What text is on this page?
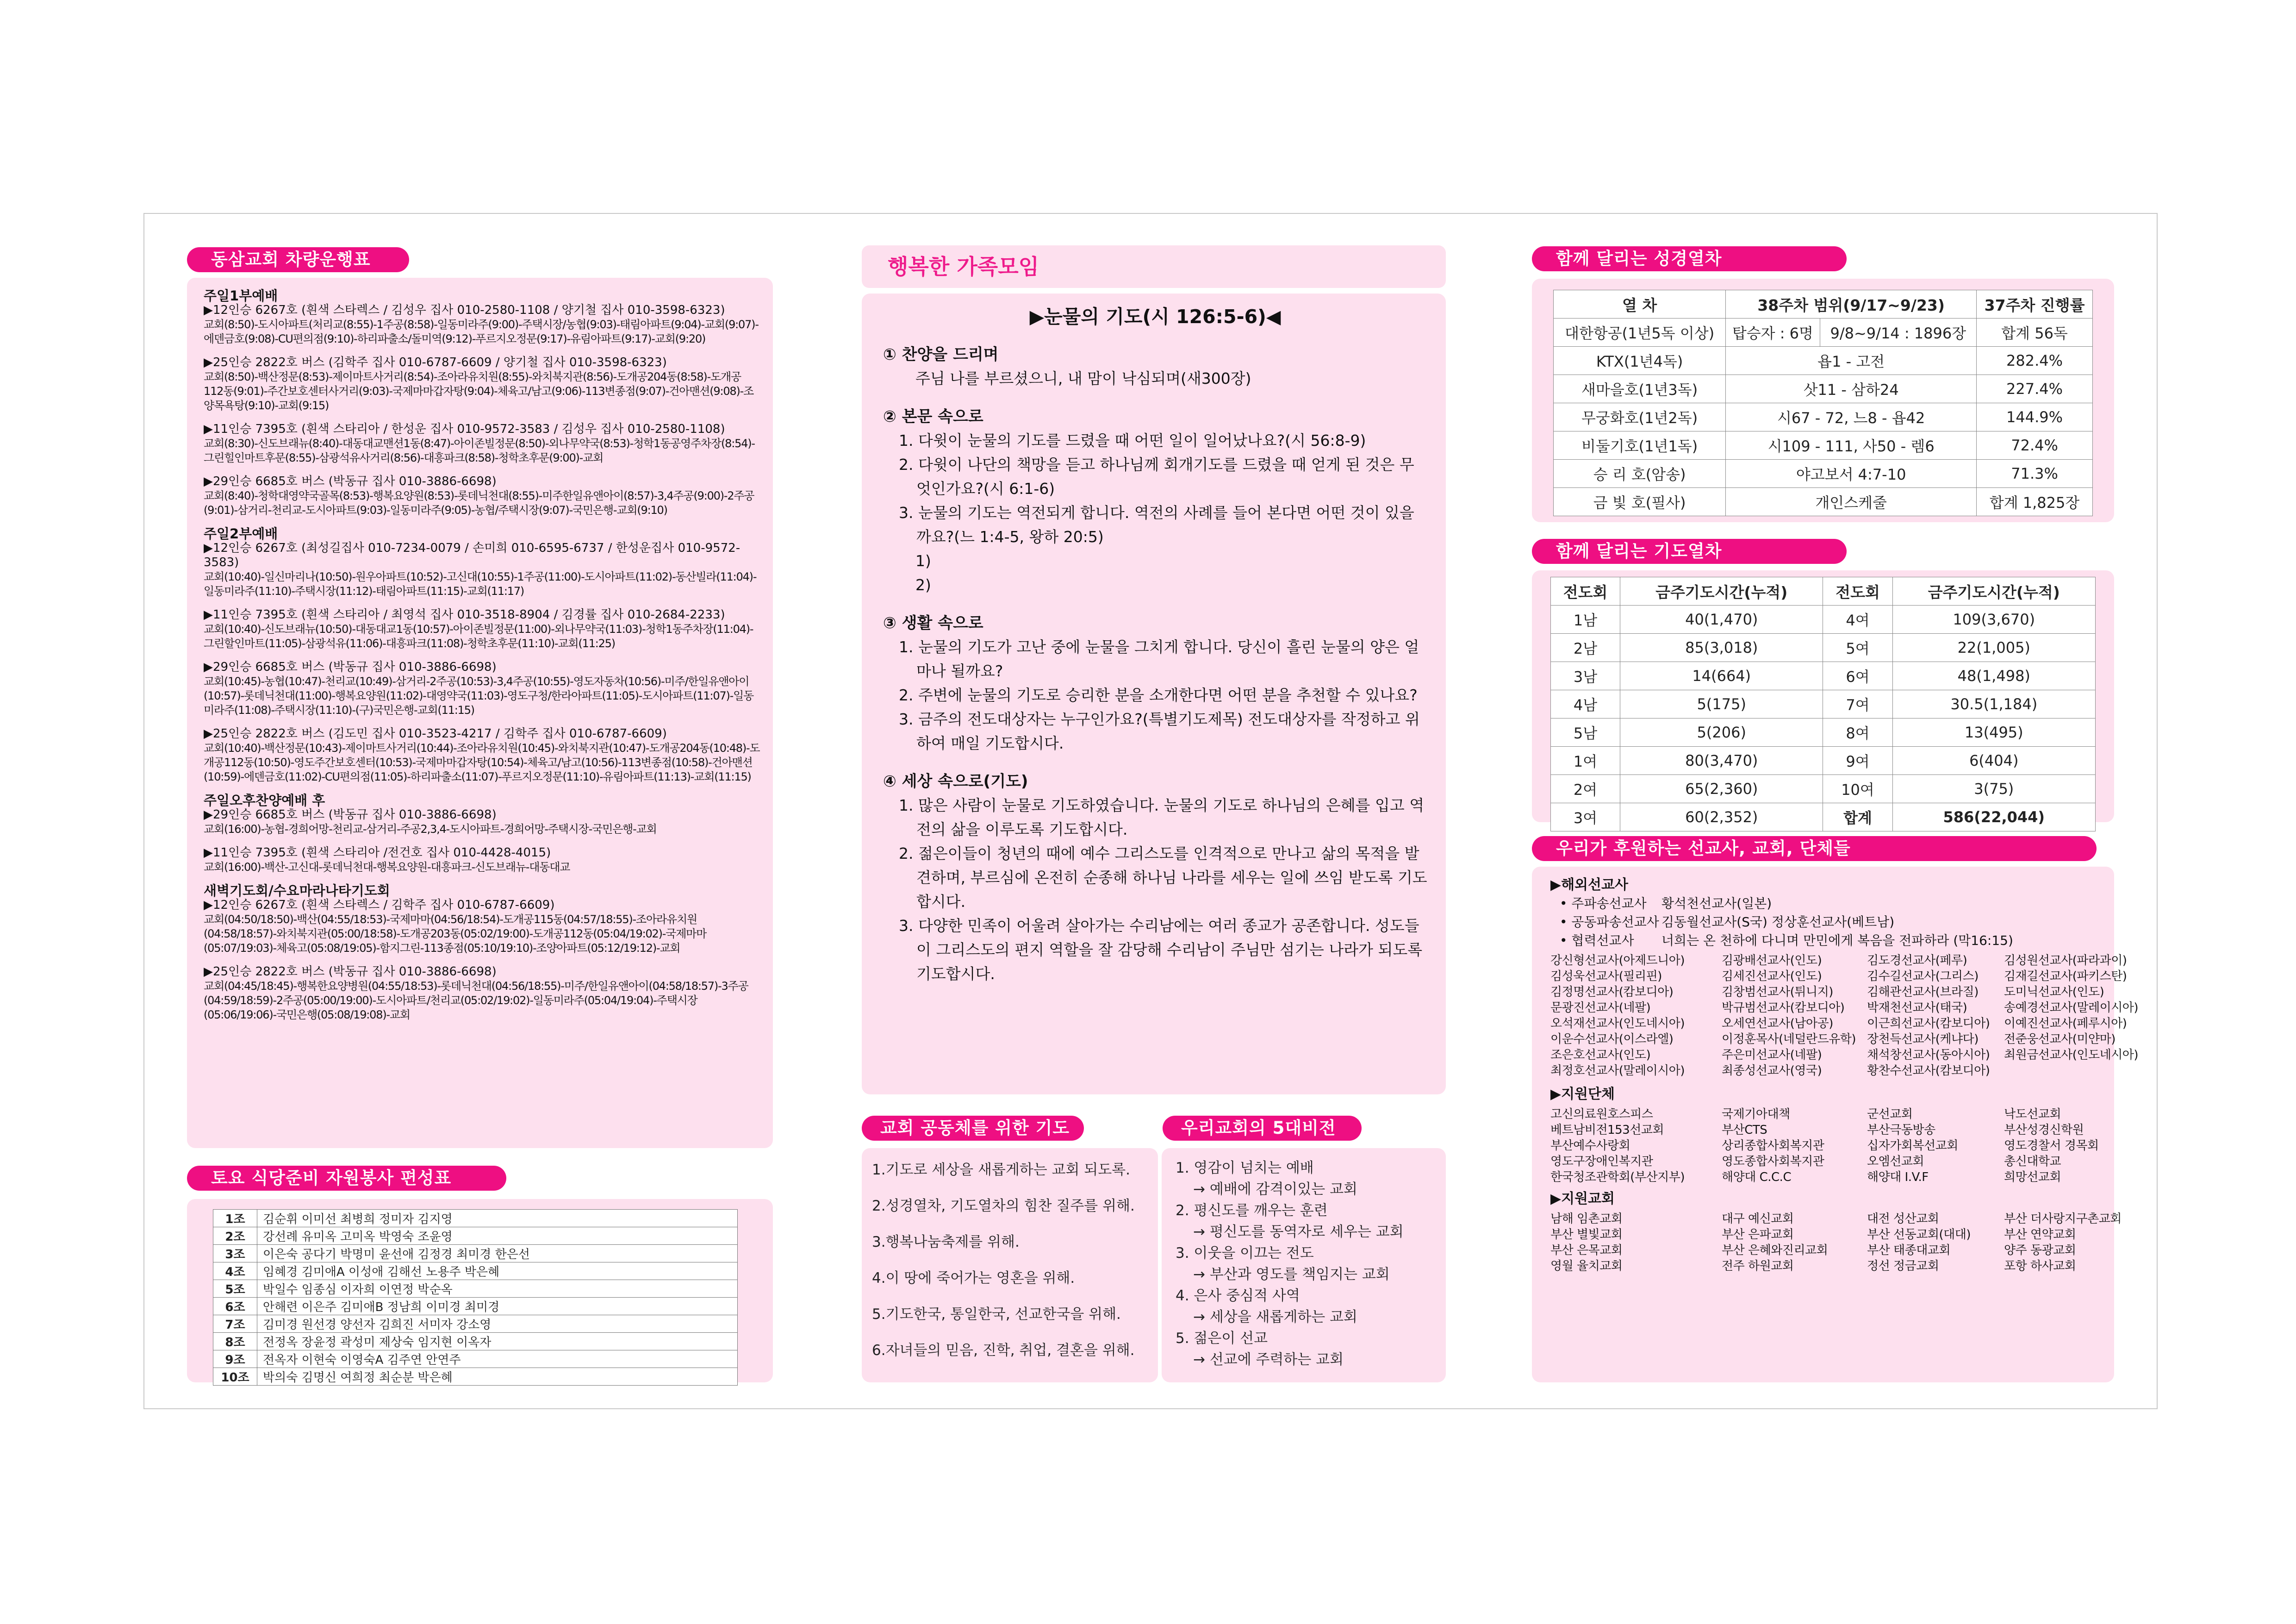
동삼교회 차량운행표
주일1부예배
▶12인승 6267호 (흰색 스타렉스 / 김성우 집사 010-2580-1108 / 양기철 집사 010-3598-6323)
교회(8:50)-도시아파트(처리교(8:55)-1주공(8:58)-일동미라주(9:00)-주택시장/농협(9:03)-태림아파트(9:04)-교회(9:07)-에덴금호(9:08)-CU편의점(9:10)-하리파출소/돌미역(9:12)-푸르지오정문(9:17)-유림아파트(9:17)-교회(9:20)
▶25인승 2822호 버스 (김학주 집사 010-6787-6609 / 양기철 집사 010-3598-6323)
교회(8:50)-백산정문(8:53)-제이마트사거리(8:54)-조아라유치원(8:55)-와치북지관(8:56)-도개공204동(8:58)-도개공112동(9:01)-주간보호센터사거리(9:03)-국제마마갑자탕(9:04)-체육고/남고(9:06)-113변종점(9:07)-건아맨션(9:08)-조양목욕탕(9:10)-교회(9:15)
▶11인승 7395호 (흰색 스타리아 / 한성운 집사 010-9572-3583 / 김성우 집사 010-2580-1108)
교회(8:30)-신도브래뉴(8:40)-대동대교맨션1동(8:47)-아이존빌정문(8:50)-외나무약국(8:53)-청학1동공영주차장(8:54)-그린힐인마트후문(8:55)-삼광석유사거리(8:56)-대흥파크(8:58)-청학초후문(9:00)-교회
▶29인승 6685호 버스 (박동규 집사 010-3886-6698)
교회(8:40)-청학대영약국골목(8:53)-행복요양원(8:53)-롯데닉천대(8:55)-미주한일유앤아이(8:57)-3,4주공(9:00)-2주공(9:01)-삼거리-천리교-도시아파트(9:03)-일동미라주(9:05)-농협/주택시장(9:07)-국민은행-교회(9:10)
주일2부예배
▶12인승 6267호 (최성길집사 010-7234-0079 / 손미희 010-6595-6737 / 한성운집사 010-9572-3583)
교회(10:40)-일신마리나(10:50)-원우아파트(10:52)-고신대(10:55)-1주공(11:00)-도시아파트(11:02)-동산빌라(11:04)-일동미라주(11:10)-주택시장(11:12)-태림아파트(11:15)-교회(11:17)
▶11인승 7395호 (흰색 스타리아 / 최영석 집사 010-3518-8904 / 김경률 집사 010-2684-2233)
교회(10:40)-신도브래뉴(10:50)-대동대교1동(10:57)-아이존빌정문(11:00)-외나무약국(11:03)-청학1동주차장(11:04)-그린할인마트(11:05)-삼광석유(11:06)-대흥파크(11:08)-청학초후문(11:10)-교회(11:25)
▶29인승 6685호 버스 (박동규 집사 010-3886-6698)
교회(10:45)-농협(10:47)-천리교(10:49)-삼거리-2주공(10:53)-3,4주공(10:55)-영도자동차(10:56)-미주/한일유앤아이(10:57)-롯데닉천대(11:00)-행복요양원(11:02)-대영약국(11:03)-영도구청/한라아파트(11:05)-도시아파트(11:07)-일동미라주(11:08)-주택시장(11:10)-(구)국민은행-교회(11:15)
▶25인승 2822호 버스 (김도민 집사 010-3523-4217 / 김학주 집사 010-6787-6609)
교회(10:40)-백산정문(10:43)-제이마트사거리(10:44)-조아라유치원(10:45)-와치북지관(10:47)-도개공204동(10:48)-도개공112동(10:50)-영도주간보호센터(10:53)-국제마마갑자탕(10:54)-체육고/남고(10:56)-113변종점(10:58)-건아맨션(10:59)-에덴금호(11:02)-CU편의점(11:05)-하리파출소(11:07)-푸르지오정문(11:10)-유림아파트(11:13)-교회(11:15)
주일오후찬양예배 후
▶29인승 6685호 버스 (박동규 집사 010-3886-6698)
교회(16:00)-농협-경희어망-천리교-삼거리-주공2,3,4-도시아파트-경희어망-주택시장-국민은행-교회
▶11인승 7395호 (흰색 스타리아 /전건호 집사 010-4428-4015)
교회(16:00)-백산-고신대-롯데닉천대-행복요양원-대흥파크-신도브래뉴-대동대교
새벽기도회/수요마라나타기도회
▶12인승 6267호 (흰색 스타렉스 / 김학주 집사 010-6787-6609)
교회(04:50/18:50)-백산(04:55/18:53)-국제마마(04:56/18:54)-도개공115동(04:57/18:55)-조아라유치원(04:58/18:57)-와치북지관(05:00/18:58)-도개공203동(05:02/19:00)-도개공112동(05:04/19:02)-국제마마(05:07/19:03)-체육고(05:08/19:05)-함지그린-113종점(05:10/19:10)-조양아파트(05:12/19:12)-교회
▶25인승 2822호 버스 (박동규 집사 010-3886-6698)
교회(04:45/18:45)-행복한요양병원(04:55/18:53)-롯데닉천대(04:56/18:55)-미주/한일유앤아이(04:58/18:57)-3주공(04:59/18:59)-2주공(05:00/19:00)-도시아파트/천리교(05:02/19:02)-일동미라주(05:04/19:04)-주택시장(05:06/19:06)-국민은행(05:08/19:08)-교회
토요 식당준비 자원봉사 편성표
1조	김순휘 이미선 최병희 정미자 김지영
2조	강선례 유미옥 고미옥 박영숙 조윤영
3조	이은숙 공다기 박명미 윤선애 김정경 최미경 한은선
4조	임혜경 김미애A 이성애 김해선 노용주 박은혜
5조	박일수 임종심 이자희 이연정 박순옥
6조	안해련 이은주 김미애B 정남희 이미경 최미경
7조	김미경 원선경 양선자 김희진 서미자 강소영
8조	전정옥 장윤정 곽성미 제상숙 임지현 이옥자
9조	전옥자 이현숙 이영숙A 김주연 안연주
10조	박의숙 김명신 여희정 최순분 박은혜
행복한 가족모임
▶눈물의 기도(시 126:5-6)◀
① 찬양을 드리며
주님 나를 부르셨으니, 내 맘이 낙심되며(새300장)
② 본문 속으로
1. 다윗이 눈물의 기도를 드렸을 때 어떤 일이 일어났나요?(시 56:8-9)
2. 다윗이 나단의 책망을 듣고 하나님께 회개기도를 드렸을 때 얻게 된 것은 무엇인가요?(시 6:1-6)
3. 눈물의 기도는 역전되게 합니다. 역전의 사례를 들어 본다면 어떤 것이 있을까요?(느 1:4-5, 왕하 20:5)
1)
2)
③ 생활 속으로
1. 눈물의 기도가 고난 중에 눈물을 그치게 합니다. 당신이 흘린 눈물의 양은 얼마나 될까요?
2. 주변에 눈물의 기도로 승리한 분을 소개한다면 어떤 분을 추천할 수 있나요?
3. 금주의 전도대상자는 누구인가요?(특별기도제목) 전도대상자를 작정하고 위하여 매일 기도합시다.
④ 세상 속으로(기도)
1. 많은 사람이 눈물로 기도하였습니다. 눈물의 기도로 하나님의 은혜를 입고 역전의 삶을 이루도록 기도합시다.
2. 젊은이들이 청년의 때에 예수 그리스도를 인격적으로 만나고 삶의 목적을 발견하며, 부르심에 온전히 순종해 하나님 나라를 세우는 일에 쓰임 받도록 기도합시다.
3. 다양한 민족이 어울려 살아가는 수리남에는 여러 종교가 공존합니다. 성도들이 그리스도의 편지 역할을 잘 감당해 수리남이 주님만 섬기는 나라가 되도록 기도합시다.
교회 공동체를 위한 기도
1.기도로 세상을 새롭게하는 교회 되도록.
2.성경열차, 기도열차의 힘찬 질주를 위해.
3.행복나눔축제를 위해.
4.이 땅에 죽어가는 영혼을 위해.
5.기도한국, 통일한국, 선교한국을 위해.
6.자녀들의 믿음, 진학, 취업, 결혼을 위해.
우리교회의 5대비전
1. 영감이 넘치는 예배
→ 예배에 감격이있는 교회
2. 평신도를 깨우는 훈련
→ 평신도를 동역자로 세우는 교회
3. 이웃을 이끄는 전도
→ 부산과 영도를 책임지는 교회
4. 은사 중심적 사역
→ 세상을 새롭게하는 교회
5. 젊은이 선교
→ 선교에 주력하는 교회
함께 달리는 성경열차
열 차	38주차 범위(9/17~9/23)		37주차 진행률
대한항공(1년5독 이상)	탑승자 : 6명	9/8~9/14 : 1896장	합계 56독
KTX(1년4독)	욥1 - 고전		282.4%
새마을호(1년3독)	삿11 - 삼하24		227.4%
무궁화호(1년2독)	시67 - 72, 느8 - 욥42		144.9%
비둘기호(1년1독)	시109 - 111, 사50 - 렘6		72.4%
승 리 호(암송)	야고보서 4:7-10		71.3%
금 빛 호(필사)	개인스케줄		합계 1,825장
함께 달리는 기도열차
전도회	금주기도시간(누적)	전도회	금주기도시간(누적)
1남	40(1,470)	4여	109(3,670)
2남	85(3,018)	5여	22(1,005)
3남	14(664)	6여	48(1,498)
4남	5(175)	7여	30.5(1,184)
5남	5(206)	8여	13(495)
1여	80(3,470)	9여	6(404)
2여	65(2,360)	10여	3(75)
3여	60(2,352)	합계	586(22,044)
우리가 후원하는 선교사, 교회, 단체들
▶해외선교사
• 주파송선교사	황석천선교사(일본)
• 공동파송선교사 김동월선교사(S국) 정상훈선교사(베트남)
• 협력선교사	너희는 온 천하에 다니며 만민에게 복음을 전파하라 (막16:15)
강신형선교사(아제드니아)	김광배선교사(인도)	김도경선교사(페루)	김성원선교사(파라과이)
김성욱선교사(필리핀)	김세진선교사(인도)	김수길선교사(그리스)	김재길선교사(파키스탄)
김정명선교사(캄보디아)	김창범선교사(튀니지)	김해관선교사(브라질)	도미닉선교사(인도)
문광진선교사(네팔)	박규범선교사(캄보디아)	박재천선교사(태국)	송예경선교사(말레이시아)
오석재선교사(인도네시아)	오세연선교사(남아공)	이근희선교사(캄보디아)	이예진선교사(페루시아)
이운수선교사(이스라엘)	이정훈목사(네덜란드유학) 장천득선교사(케냐다)	전준웅선교사(미얀마)
조은호선교사(인도)	주은미선교사(네팔)	채석창선교사(동아시아)	최원금선교사(인도네시아)
최정호선교사(말레이시아)	최종성선교사(영국)	황찬수선교사(캄보디아)
▶지원단체
고신의료원호스피스	국제기아대책	군선교회	낙도선교회
베트남비전153선교회	부산CTS	부산극동방송	부산성경신학원
부산예수사랑회	상리종합사회복지관	십자가회복선교회	영도경찰서 경목회
영도구장애인복지관	영도종합사회복지관	오엠선교회	총신대학교
한국청조관학회(부산지부)	해양대 C.C.C	해양대 I.V.F	희망선교회
▶지원교회
남해 임촌교회	대구 예신교회	대전 성산교회	부산 더사랑지구촌교회
부산 별빛교회	부산 은파교회	부산 선동교회(대대)	부산 연약교회
부산 은목교회	부산 은혜와진리교회	부산 태종대교회	양주 동광교회
영월 율치교회	전주 하원교회	정선 정금교회	포항 하사교회
